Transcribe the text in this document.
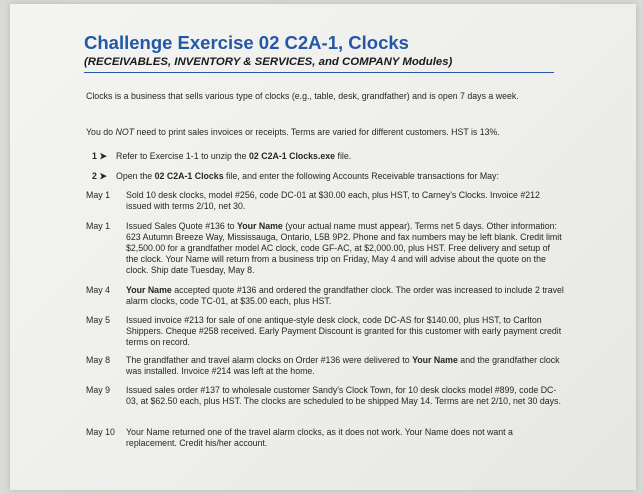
Challenge Exercise 02 C2A-1, Clocks
(RECEIVABLES, INVENTORY & SERVICES, and COMPANY Modules)
Clocks is a business that sells various type of clocks (e.g., table, desk, grandfather) and is open 7 days a week.
You do NOT need to print sales invoices or receipts. Terms are varied for different customers. HST is 13%.
1 ➤ Refer to Exercise 1-1 to unzip the 02 C2A-1 Clocks.exe file.
2 ➤ Open the 02 C2A-1 Clocks file, and enter the following Accounts Receivable transactions for May:
May 1	Sold 10 desk clocks, model #256, code DC-01 at $30.00 each, plus HST, to Carney's Clocks. Invoice #212 issued with terms 2/10, net 30.
May 1	Issued Sales Quote #136 to Your Name (your actual name must appear). Terms net 5 days. Other information: 623 Autumn Breeze Way, Mississauga, Ontario, L5B 9P2. Phone and fax numbers may be left blank. Credit limit $2,500.00 for a grandfather model AC clock, code GF-AC, at $2,000.00, plus HST. Free delivery and setup of the clock. Your Name will return from a business trip on Friday, May 4 and will advise about the quote on the clock. Ship date Tuesday, May 8.
May 4	Your Name accepted quote #136 and ordered the grandfather clock. The order was increased to include 2 travel alarm clocks, code TC-01, at $35.00 each, plus HST.
May 5	Issued invoice #213 for sale of one antique-style desk clock, code DC-AS for $140.00, plus HST, to Carlton Shippers. Cheque #258 received. Early Payment Discount is granted for this customer with early payment credit terms on record.
May 8	The grandfather and travel alarm clocks on Order #136 were delivered to Your Name and the grandfather clock was installed. Invoice #214 was left at the home.
May 9	Issued sales order #137 to wholesale customer Sandy's Clock Town, for 10 desk clocks model #899, code DC-03, at $62.50 each, plus HST. The clocks are scheduled to be shipped May 14. Terms are net 2/10, net 30 days.
May 10	Your Name returned one of the travel alarm clocks, as it does not work. Your Name does not want a replacement. Credit his/her account.
